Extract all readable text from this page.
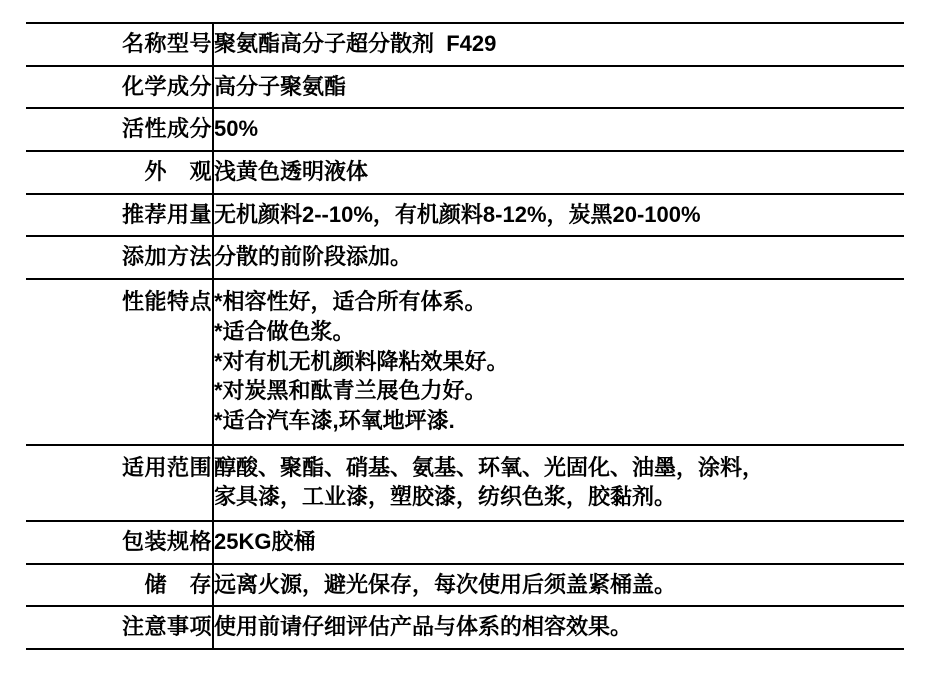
名称型号	聚氨酯高分子超分散剂  F429

化学成分	高分子聚氨酯

活性成分	50%

外　观	浅黄色透明液体

推荐用量	无机颜料2--10%，有机颜料8-12%，炭黑20-100%

添加方法	分散的前阶段添加。

性能特点	*相容性好，适合所有体系。
*适合做色浆。
*对有机无机颜料降粘效果好。
*对炭黑和酞青兰展色力好。
*适合汽车漆,环氧地坪漆.

适用范围	醇酸、聚酯、硝基、氨基、环氧、光固化、油墨，涂料，
家具漆，工业漆，塑胶漆，纺织色浆，胶黏剂。

包装规格	25KG胶桶

储　存	远离火源，避光保存，每次使用后须盖紧桶盖。

注意事项	使用前请仔细评估产品与体系的相容效果。
